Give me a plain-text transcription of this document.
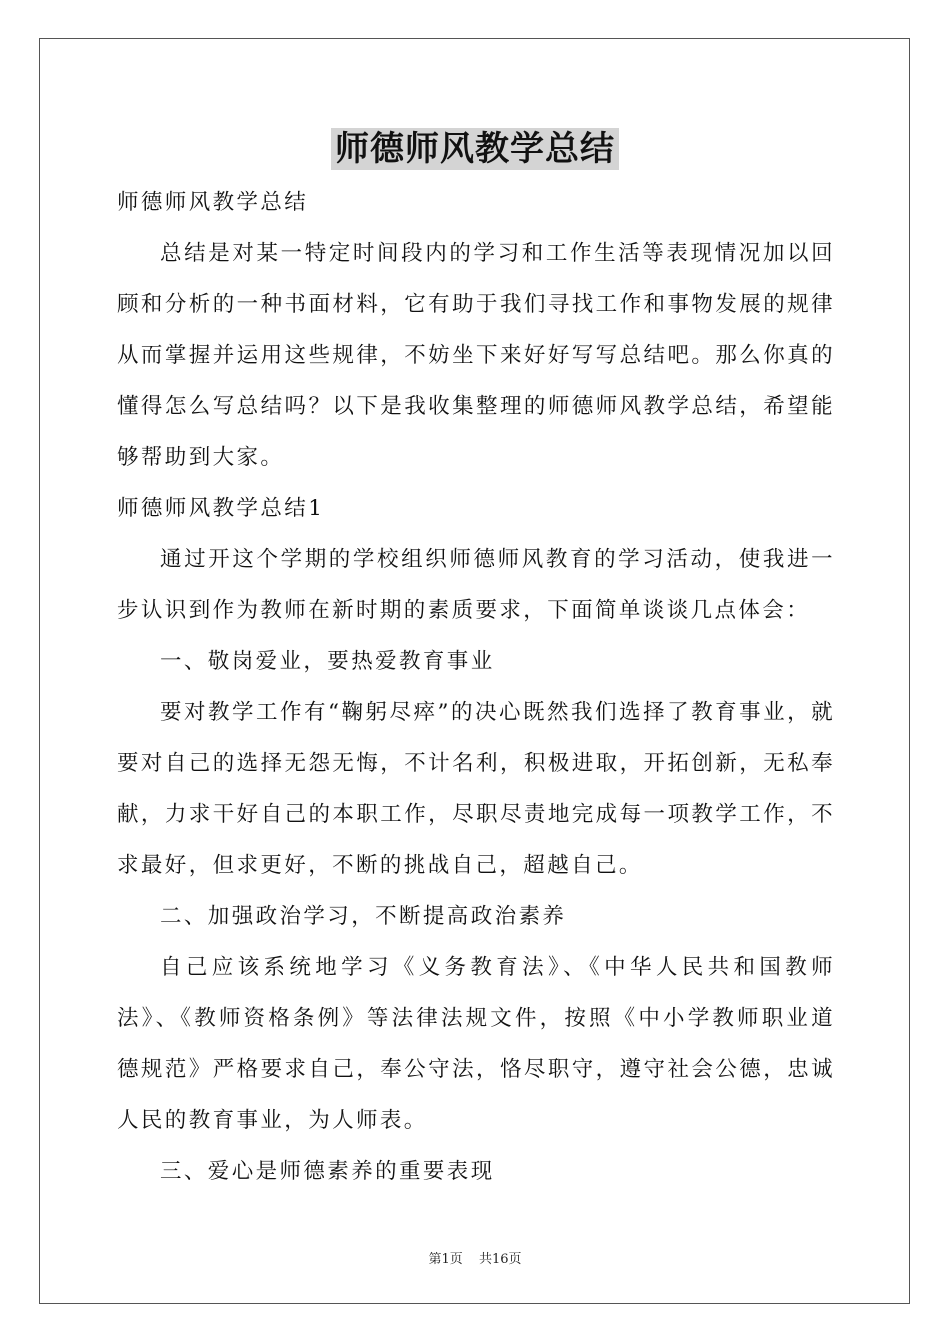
师德师风教学总结

师德师风教学总结

总结是对某一特定时间段内的学习和工作生活等表现情况加以回顾和分析的一种书面材料，它有助于我们寻找工作和事物发展的规律从而掌握并运用这些规律，不妨坐下来好好写写总结吧。那么你真的懂得怎么写总结吗？以下是我收集整理的师德师风教学总结，希望能够帮助到大家。

师德师风教学总结1

通过开这个学期的学校组织师德师风教育的学习活动，使我进一步认识到作为教师在新时期的素质要求，下面简单谈谈几点体会：

一、敬岗爱业，要热爱教育事业

要对教学工作有“鞠躬尽瘁”的决心既然我们选择了教育事业，就要对自己的选择无怨无悔，不计名利，积极进取，开拓创新，无私奉献，力求干好自己的本职工作，尽职尽责地完成每一项教学工作，不求最好，但求更好，不断的挑战自己，超越自己。

二、加强政治学习，不断提高政治素养

自己应该系统地学习《义务教育法》、《中华人民共和国教师法》、《教师资格条例》等法律法规文件，按照《中小学教师职业道德规范》严格要求自己，奉公守法，恪尽职守，遵守社会公德，忠诚人民的教育事业，为人师表。

三、爱心是师德素养的重要表现

第1页 共16页
